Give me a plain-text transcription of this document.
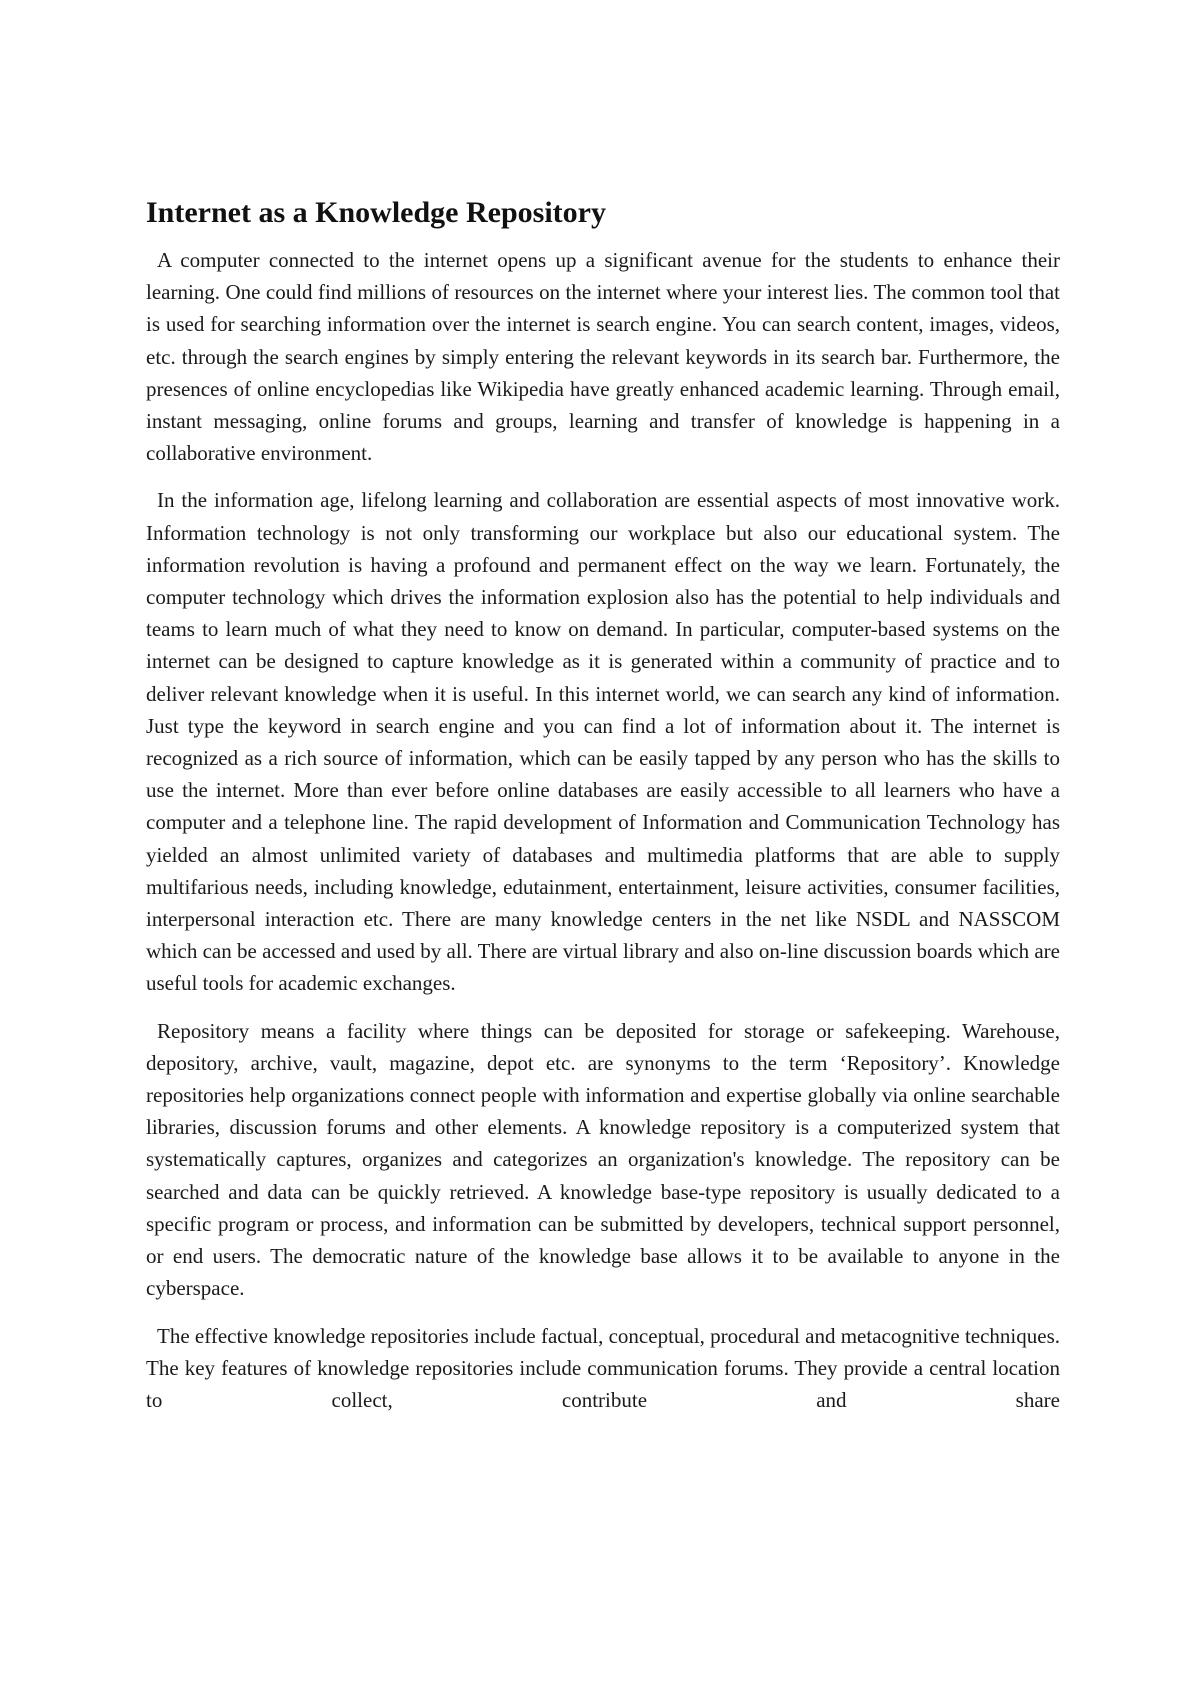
Internet as a Knowledge Repository

A computer connected to the internet opens up a significant avenue for the students to enhance their learning. One could find millions of resources on the internet where your interest lies. The common tool that is used for searching information over the internet is search engine. You can search content, images, videos, etc. through the search engines by simply entering the relevant keywords in its search bar. Furthermore, the presences of online encyclopedias like Wikipedia have greatly enhanced academic learning. Through email, instant messaging, online forums and groups, learning and transfer of knowledge is happening in a collaborative environment.

In the information age, lifelong learning and collaboration are essential aspects of most innovative work. Information technology is not only transforming our workplace but also our educational system. The information revolution is having a profound and permanent effect on the way we learn. Fortunately, the computer technology which drives the information explosion also has the potential to help individuals and teams to learn much of what they need to know on demand. In particular, computer-based systems on the internet can be designed to capture knowledge as it is generated within a community of practice and to deliver relevant knowledge when it is useful. In this internet world, we can search any kind of information. Just type the keyword in search engine and you can find a lot of information about it. The internet is recognized as a rich source of information, which can be easily tapped by any person who has the skills to use the internet. More than ever before online databases are easily accessible to all learners who have a computer and a telephone line. The rapid development of Information and Communication Technology has yielded an almost unlimited variety of databases and multimedia platforms that are able to supply multifarious needs, including knowledge, edutainment, entertainment, leisure activities, consumer facilities, interpersonal interaction etc. There are many knowledge centers in the net like NSDL and NASSCOM which can be accessed and used by all. There are virtual library and also on-line discussion boards which are useful tools for academic exchanges.

Repository means a facility where things can be deposited for storage or safekeeping. Warehouse, depository, archive, vault, magazine, depot etc. are synonyms to the term ‘Repository’. Knowledge repositories help organizations connect people with information and expertise globally via online searchable libraries, discussion forums and other elements. A knowledge repository is a computerized system that systematically captures, organizes and categorizes an organization's knowledge. The repository can be searched and data can be quickly retrieved. A knowledge base-type repository is usually dedicated to a specific program or process, and information can be submitted by developers, technical support personnel, or end users. The democratic nature of the knowledge base allows it to be available to anyone in the cyberspace.

The effective knowledge repositories include factual, conceptual, procedural and metacognitive techniques. The key features of knowledge repositories include communication forums. They provide a central location to collect, contribute and share
